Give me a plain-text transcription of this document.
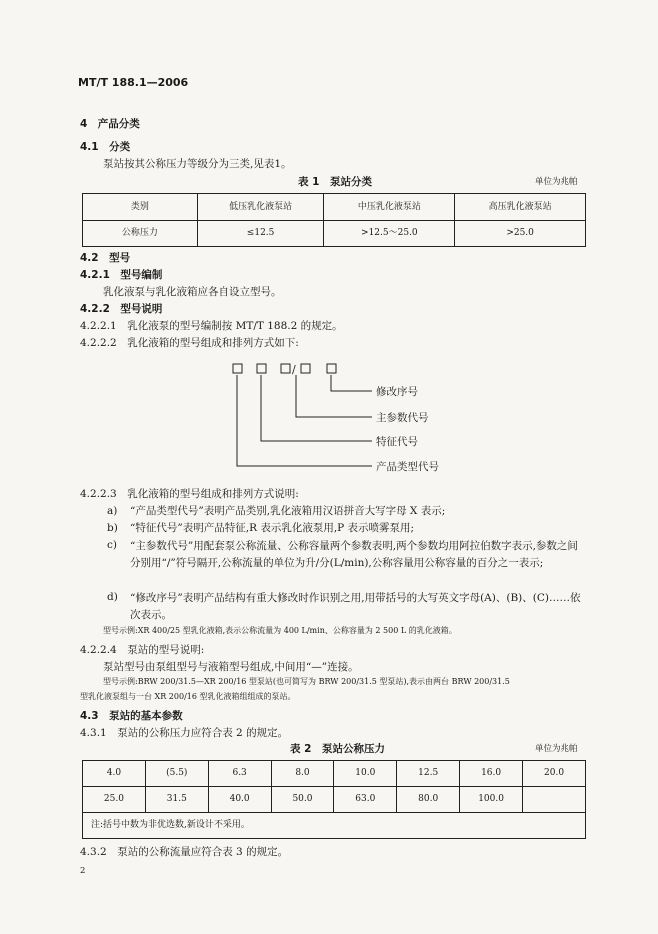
MT/T 188.1—2006
4　产品分类
4.1　分类
泵站按其公称压力等级分为三类,见表1。
表 1　泵站分类	单位为兆帕
类别	低压乳化液泵站	中压乳化液泵站	高压乳化液泵站
公称压力	≤12.5	>12.5～25.0	>25.0
4.2　型号
4.2.1　型号编制
乳化液泵与乳化液箱应各自设立型号。
4.2.2　型号说明
4.2.2.1　乳化液泵的型号编制按 MT/T 188.2 的规定。
4.2.2.2　乳化液箱的型号组成和排列方式如下:
/
修改序号
主参数代号
特征代号
产品类型代号
4.2.2.3　乳化液箱的型号组成和排列方式说明:
a) “产品类型代号”表明产品类别,乳化液箱用汉语拼音大写字母 X 表示;
b) “特征代号”表明产品特征,R 表示乳化液泵用,P 表示喷雾泵用;
c) “主参数代号”用配套泵公称流量、公称容量两个参数表明,两个参数均用阿拉伯数字表示,参数之间分别用“/”符号隔开,公称流量的单位为升/分(L/min),公称容量用公称容量的百分之一表示;
d) “修改序号”表明产品结构有重大修改时作识别之用,用带括号的大写英文字母(A)、(B)、(C)……依次表示。
型号示例:XR 400/25 型乳化液箱,表示公称流量为 400 L/min、公称容量为 2 500 L 的乳化液箱。
4.2.2.4　泵站的型号说明:
泵站型号由泵组型号与液箱型号组成,中间用“—”连接。
型号示例:BRW 200/31.5—XR 200/16 型泵站(也可简写为 BRW 200/31.5 型泵站),表示由两台 BRW 200/31.5
型乳化液泵组与一台 XR 200/16 型乳化液箱组组成的泵站。
4.3　泵站的基本参数
4.3.1　泵站的公称压力应符合表 2 的规定。
表 2　泵站公称压力	单位为兆帕
4.0	(5.5)	6.3	8.0	10.0	12.5	16.0	20.0
25.0	31.5	40.0	50.0	63.0	80.0	100.0	
注:括号中数为非优选数,新设计不采用。							
4.3.2　泵站的公称流量应符合表 3 的规定。
2
